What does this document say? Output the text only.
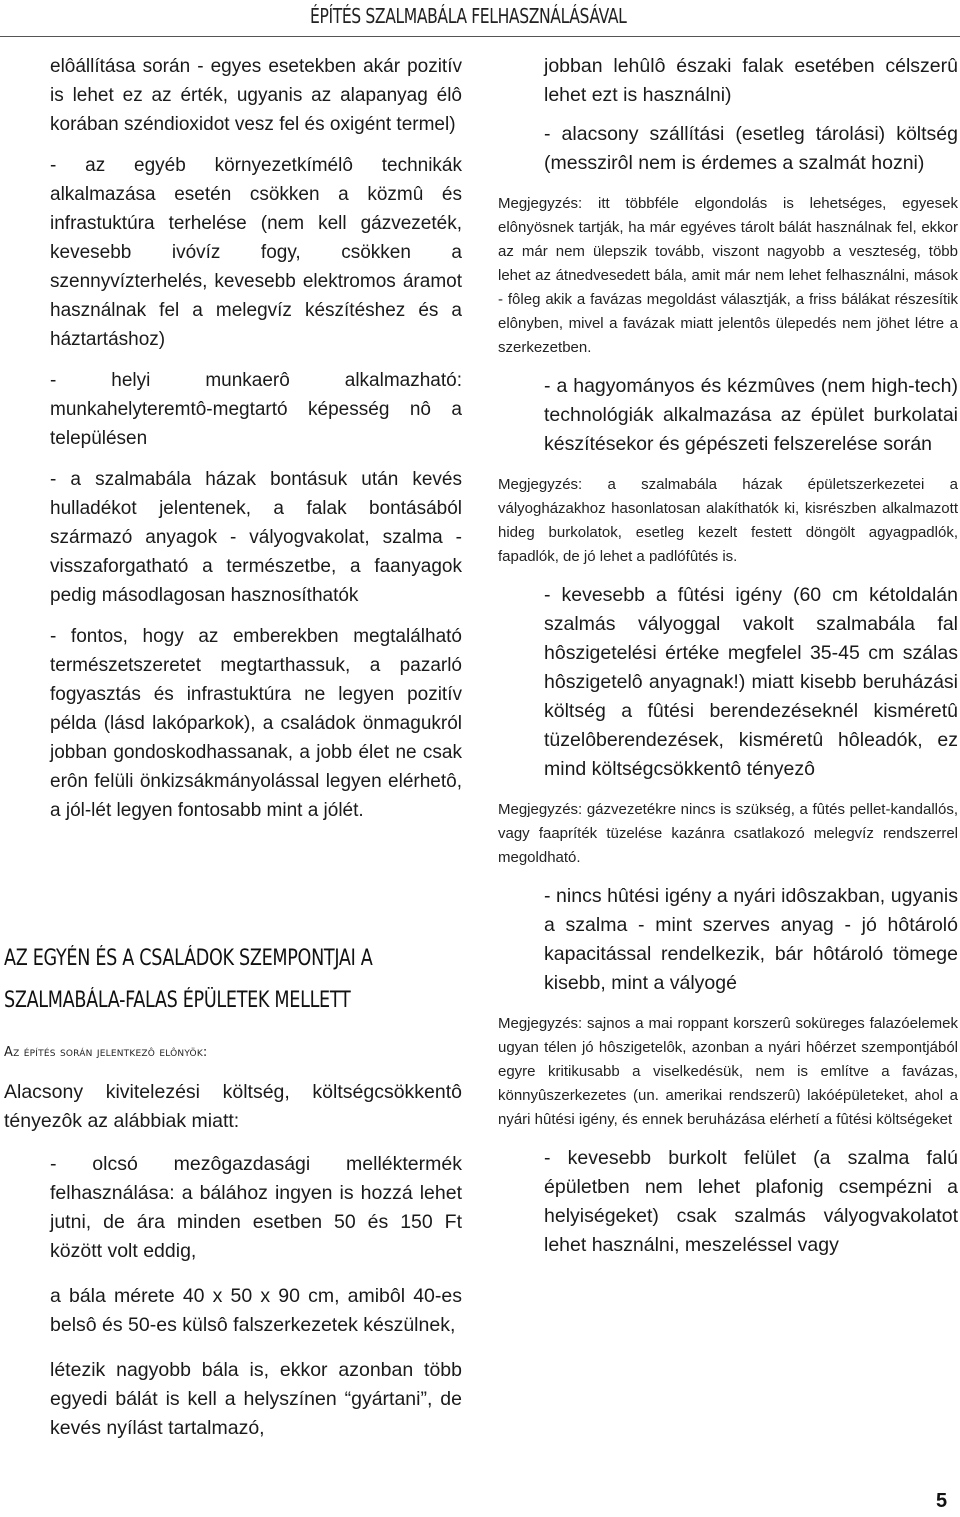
ÉPÍTÉS SZALMABÁLA FELHASZNÁLÁSÁVAL

elôállítása során - egyes esetekben akár pozitív is lehet ez az érték, ugyanis az alapanyag élô korában széndioxidot vesz fel és oxigént termel)

- az egyéb környezetkímélô technikák alkalmazása esetén csökken a közmû és infrastuktúra terhelése (nem kell gázvezeték, kevesebb ivóvíz fogy, csökken a szennyvízterhelés, kevesebb elektromos áramot használnak fel a melegvíz készítéshez és a háztartáshoz)

- helyi munkaerô alkalmazható: munkahelyteremtô-megtartó képesség nô a településen

- a szalmabála házak bontásuk után kevés hulladékot jelentenek, a falak bontásából származó anyagok - vályogvakolat, szalma - visszaforgatható a természetbe, a faanyagok pedig másodlagosan hasznosíthatók

- fontos, hogy az emberekben megtalálható természetszeretet megtarthassuk, a pazarló fogyasztás és infrastuktúra ne legyen pozitív példa (lásd lakóparkok), a családok önmagukról jobban gondoskodhassanak, a jobb élet ne csak erôn felüli önkizsákmányolással legyen elérhetô, a jól-lét legyen fontosabb mint a jólét.

AZ EGYÉN ÉS A CSALÁDOK SZEMPONTJAI A
SZALMABÁLA-FALAS ÉPÜLETEK MELLETT
Az építés során jelentkezô elônyök:

Alacsony kivitelezési költség, költségcsökkentô tényezôk az alábbiak miatt:

- olcsó mezôgazdasági melléktermék felhasználása: a bálához ingyen is hozzá lehet jutni, de ára minden esetben 50 és 150 Ft között volt eddig,

a bála mérete 40 x 50 x 90 cm, amibôl 40-es belsô és 50-es külsô falszerkezetek készülnek,

létezik nagyobb bála is, ekkor azonban több egyedi bálát is kell a helyszínen “gyártani”, de kevés nyílást tartalmazó,

jobban lehûlô északi falak esetében célszerû lehet ezt is használni)

- alacsony szállítási (esetleg tárolási) költség (messzirôl nem is érdemes a szalmát hozni)

Megjegyzés: itt többféle elgondolás is lehetséges, egyesek elônyösnek tartják, ha már egyéves tárolt bálát használnak fel, ekkor az már nem ülepszik tovább, viszont nagyobb a veszteség, több lehet az átnedvesedett bála, amit már nem lehet felhasználni, mások - fôleg akik a favázas megoldást választják, a friss bálákat részesítik elônyben, mivel a favázak miatt jelentôs ülepedés nem jöhet létre a szerkezetben.

- a hagyományos és kézmûves (nem high-tech) technológiák alkalmazása az épület burkolatai készítésekor és gépészeti felszerelése során

Megjegyzés: a szalmabála házak épületszerkezetei a vályogházakhoz hasonlatosan alakíthatók ki, kisrészben alkalmazott hideg burkolatok, esetleg kezelt festett döngölt agyagpadlók, fapadlók, de jó lehet a padlófûtés is.

- kevesebb a fûtési igény (60 cm kétoldalán szalmás vályoggal vakolt szalmabála fal hôszigetelési értéke megfelel 35-45 cm szálas hôszigetelô anyagnak!) miatt kisebb beruházási költség a fûtési berendezéseknél kisméretû tüzelôberendezések, kisméretû hôleadók, ez mind költségcsökkentô tényezô

Megjegyzés: gázvezetékre nincs is szükség, a fûtés pellet-kandallós, vagy faapríték tüzelése kazánra csatlakozó melegvíz rendszerrel megoldható.

- nincs hûtési igény a nyári idôszakban, ugyanis a szalma - mint szerves anyag - jó hôtároló kapacitással rendelkezik, bár hôtároló tömege kisebb, mint a vályogé

Megjegyzés: sajnos a mai roppant korszerû soküreges falazóelemek ugyan télen jó hôszigetelôk, azonban a nyári hôérzet szempontjából egyre kritikusabb a viselkedésük, nem is említve a favázas, könnyûszerkezetes (un. amerikai rendszerû) lakóépületeket, ahol a nyári hûtési igény, és ennek beruházása elérhetí a fûtési költségeket

- kevesebb burkolt felület (a szalma falú épületben nem lehet plafonig csempézni a helyiségeket) csak szalmás vályogvakolatot lehet használni, meszeléssel vagy

5
